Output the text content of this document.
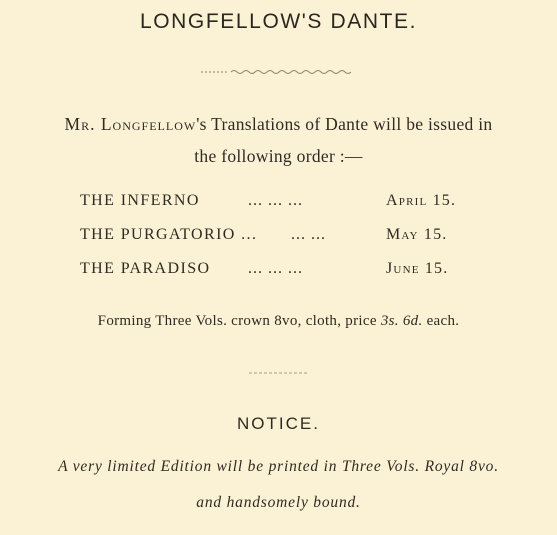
LONGFELLOW'S DANTE.
Mr. Longfellow's Translations of Dante will be issued in
the following order :—
THE INFERNO	... ... ...	April 15.
THE PURGATORIO ... ... ...	May 15.
THE PARADISO ... ... ...	June 15.
Forming Three Vols. crown 8vo, cloth, price 3s. 6d. each.
NOTICE.
A very limited Edition will be printed in Three Vols. Royal 8vo.
and handsomely bound.
